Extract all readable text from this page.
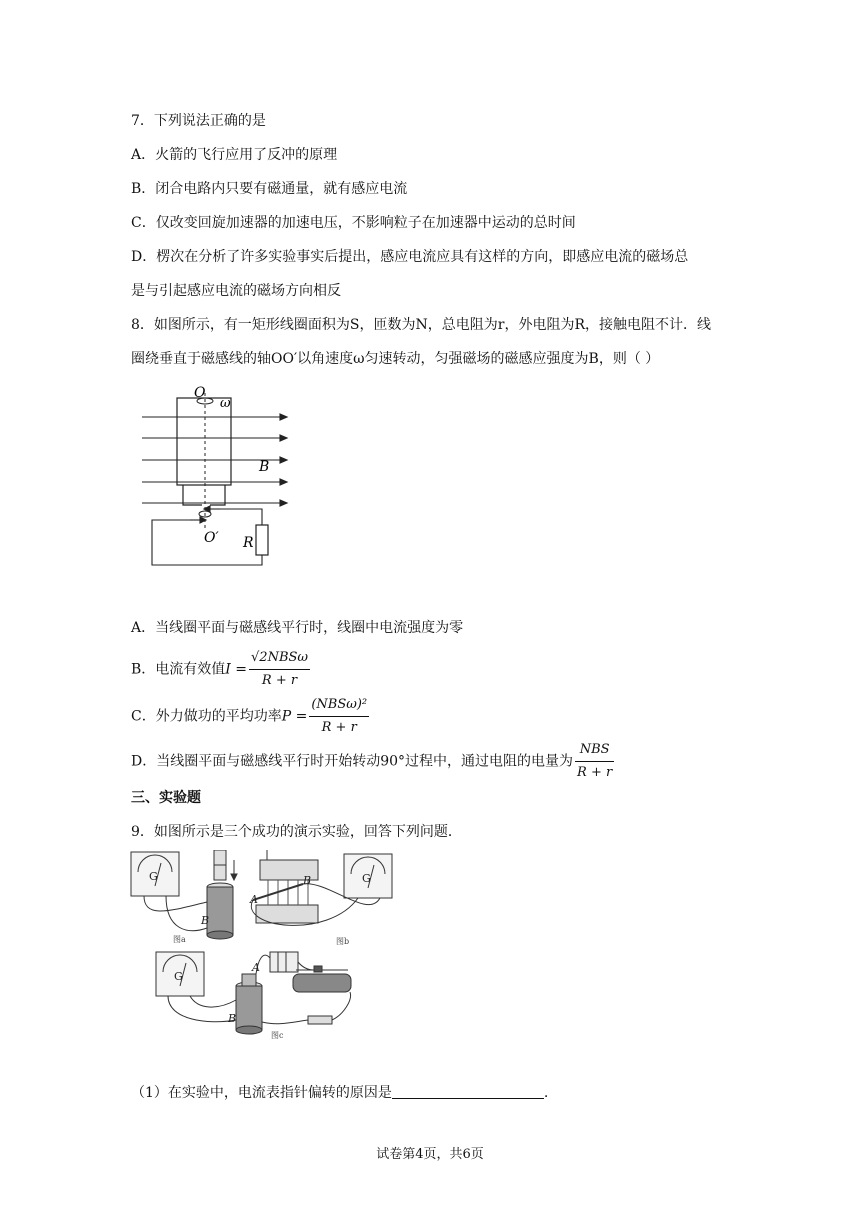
7．下列说法正确的是
A．火箭的飞行应用了反冲的原理
B．闭合电路内只要有磁通量，就有感应电流
C．仅改变回旋加速器的加速电压，不影响粒子在加速器中运动的总时间
D．楞次在分析了许多实验事实后提出，感应电流应具有这样的方向，即感应电流的磁场总
是与引起感应电流的磁场方向相反
8．如图所示，有一矩形线圈面积为S，匝数为N，总电阻为r，外电阻为R，接触电阻不计．线
圈绕垂直于磁感线的轴OO′以角速度ω匀速转动，匀强磁场的磁感应强度为B，则（ ）
O
ω
B
O′ R
A．当线圈平面与磁感线平行时，线圈中电流强度为零
B．电流有效值$I = \frac{\text{√2NBSω}}{R + r}$
C．外力做功的平均功率$P = \frac{\text{(NBSω)²}}{R + r}$
D．当线圈平面与磁感线平行时开始转动90°过程中，通过电阻的电量为 $\frac{\text{NBS}}{R + r}$
三、实验题
9．如图所示是三个成功的演示实验，回答下列问题．
G	G
G
B
A
B
A
B
图a	图b
图c
（1）在实验中，电流表指针偏转的原因是	.
试卷第4页，共6页
